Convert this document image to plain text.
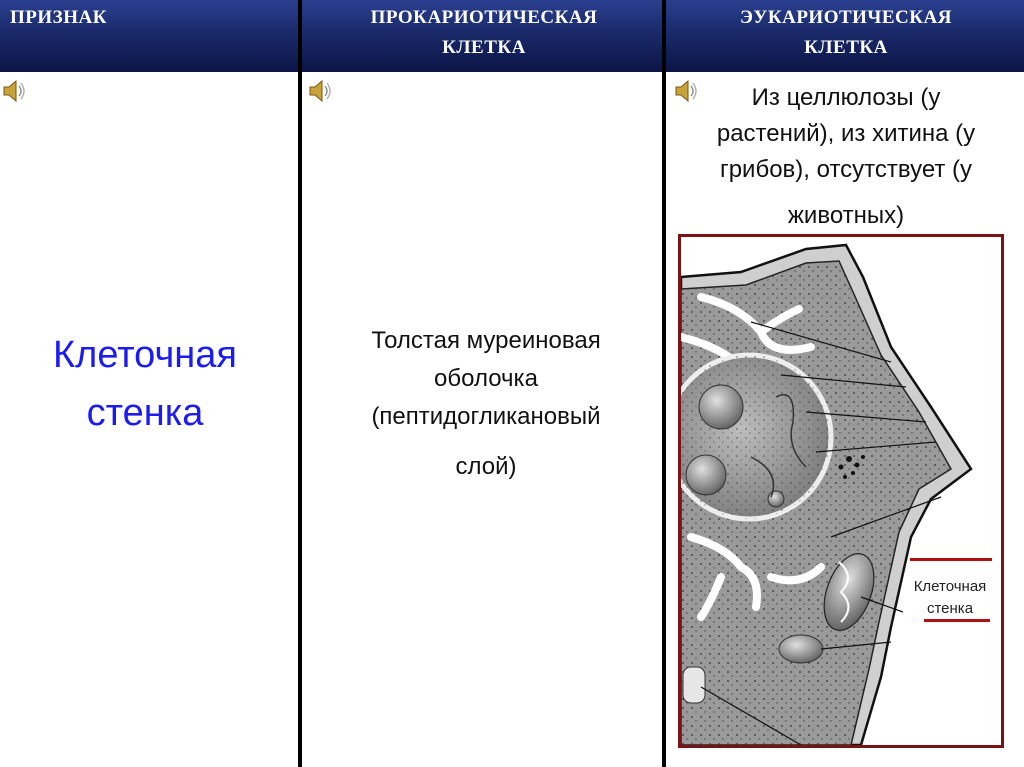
ПРИЗНАК	ПРОКАРИОТИЧЕСКАЯ
КЛЕТКА
ЭУКАРИОТИЧЕСКАЯ
КЛЕТКА
Клеточная
стенка
Толстая муреиновая
оболочка
(пептидогликановый
слой)
Из целлюлозы (у
растений), из хитина (у
грибов), отсутствует (у
животных)
Клеточная
стенка
